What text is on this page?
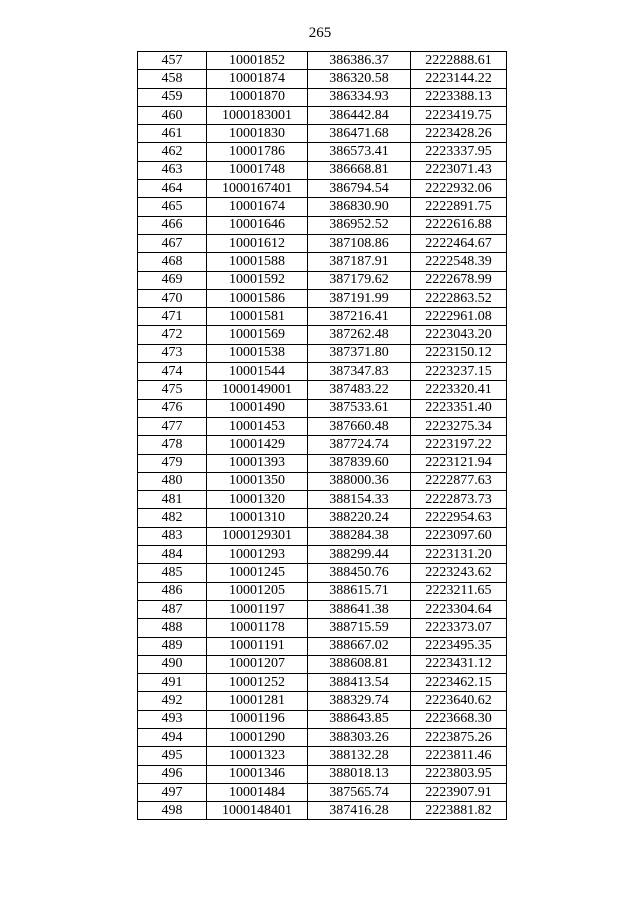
265
457	10001852	386386.37	2222888.61
458	10001874	386320.58	2223144.22
459	10001870	386334.93	2223388.13
460	1000183001	386442.84	2223419.75
461	10001830	386471.68	2223428.26
462	10001786	386573.41	2223337.95
463	10001748	386668.81	2223071.43
464	1000167401	386794.54	2222932.06
465	10001674	386830.90	2222891.75
466	10001646	386952.52	2222616.88
467	10001612	387108.86	2222464.67
468	10001588	387187.91	2222548.39
469	10001592	387179.62	2222678.99
470	10001586	387191.99	2222863.52
471	10001581	387216.41	2222961.08
472	10001569	387262.48	2223043.20
473	10001538	387371.80	2223150.12
474	10001544	387347.83	2223237.15
475	1000149001	387483.22	2223320.41
476	10001490	387533.61	2223351.40
477	10001453	387660.48	2223275.34
478	10001429	387724.74	2223197.22
479	10001393	387839.60	2223121.94
480	10001350	388000.36	2222877.63
481	10001320	388154.33	2222873.73
482	10001310	388220.24	2222954.63
483	1000129301	388284.38	2223097.60
484	10001293	388299.44	2223131.20
485	10001245	388450.76	2223243.62
486	10001205	388615.71	2223211.65
487	10001197	388641.38	2223304.64
488	10001178	388715.59	2223373.07
489	10001191	388667.02	2223495.35
490	10001207	388608.81	2223431.12
491	10001252	388413.54	2223462.15
492	10001281	388329.74	2223640.62
493	10001196	388643.85	2223668.30
494	10001290	388303.26	2223875.26
495	10001323	388132.28	2223811.46
496	10001346	388018.13	2223803.95
497	10001484	387565.74	2223907.91
498	1000148401	387416.28	2223881.82
